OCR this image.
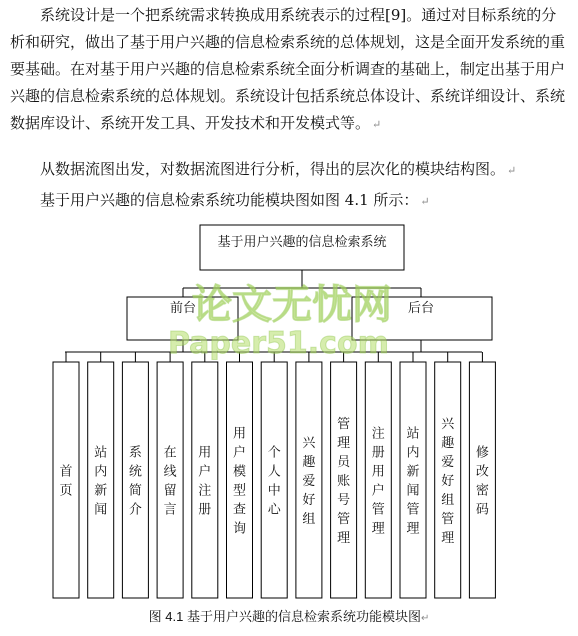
系统设计是一个把系统需求转换成用系统表示的过程[9]。通过对目标系统的分析和研究，做出了基于用户兴趣的信息检索系统的总体规划，这是全面开发系统的重要基础。在对基于用户兴趣的信息检索系统全面分析调查的基础上，制定出基于用户兴趣的信息检索系统的总体规划。系统设计包括系统总体设计、系统详细设计、系统数据库设计、系统开发工具、开发技术和开发模式等。 ↵

从数据流图出发，对数据流图进行分析，得出的层次化的模块结构图。 ↵

基于用户兴趣的信息检索系统功能模块图如图 4.1 所示： ↵

基于用户兴趣的信息检索系统
前台	后台
首页
站内新闻
系统简介
在线留言
用户注册
用户模型查询
个人中心
兴趣爱好组
管理员账号管理
注册用户管理
站内新闻管理
兴趣爱好组管理
修改密码
论文无忧网
Paper51.com
图 4.1 基于用户兴趣的信息检索系统功能模块图↵
